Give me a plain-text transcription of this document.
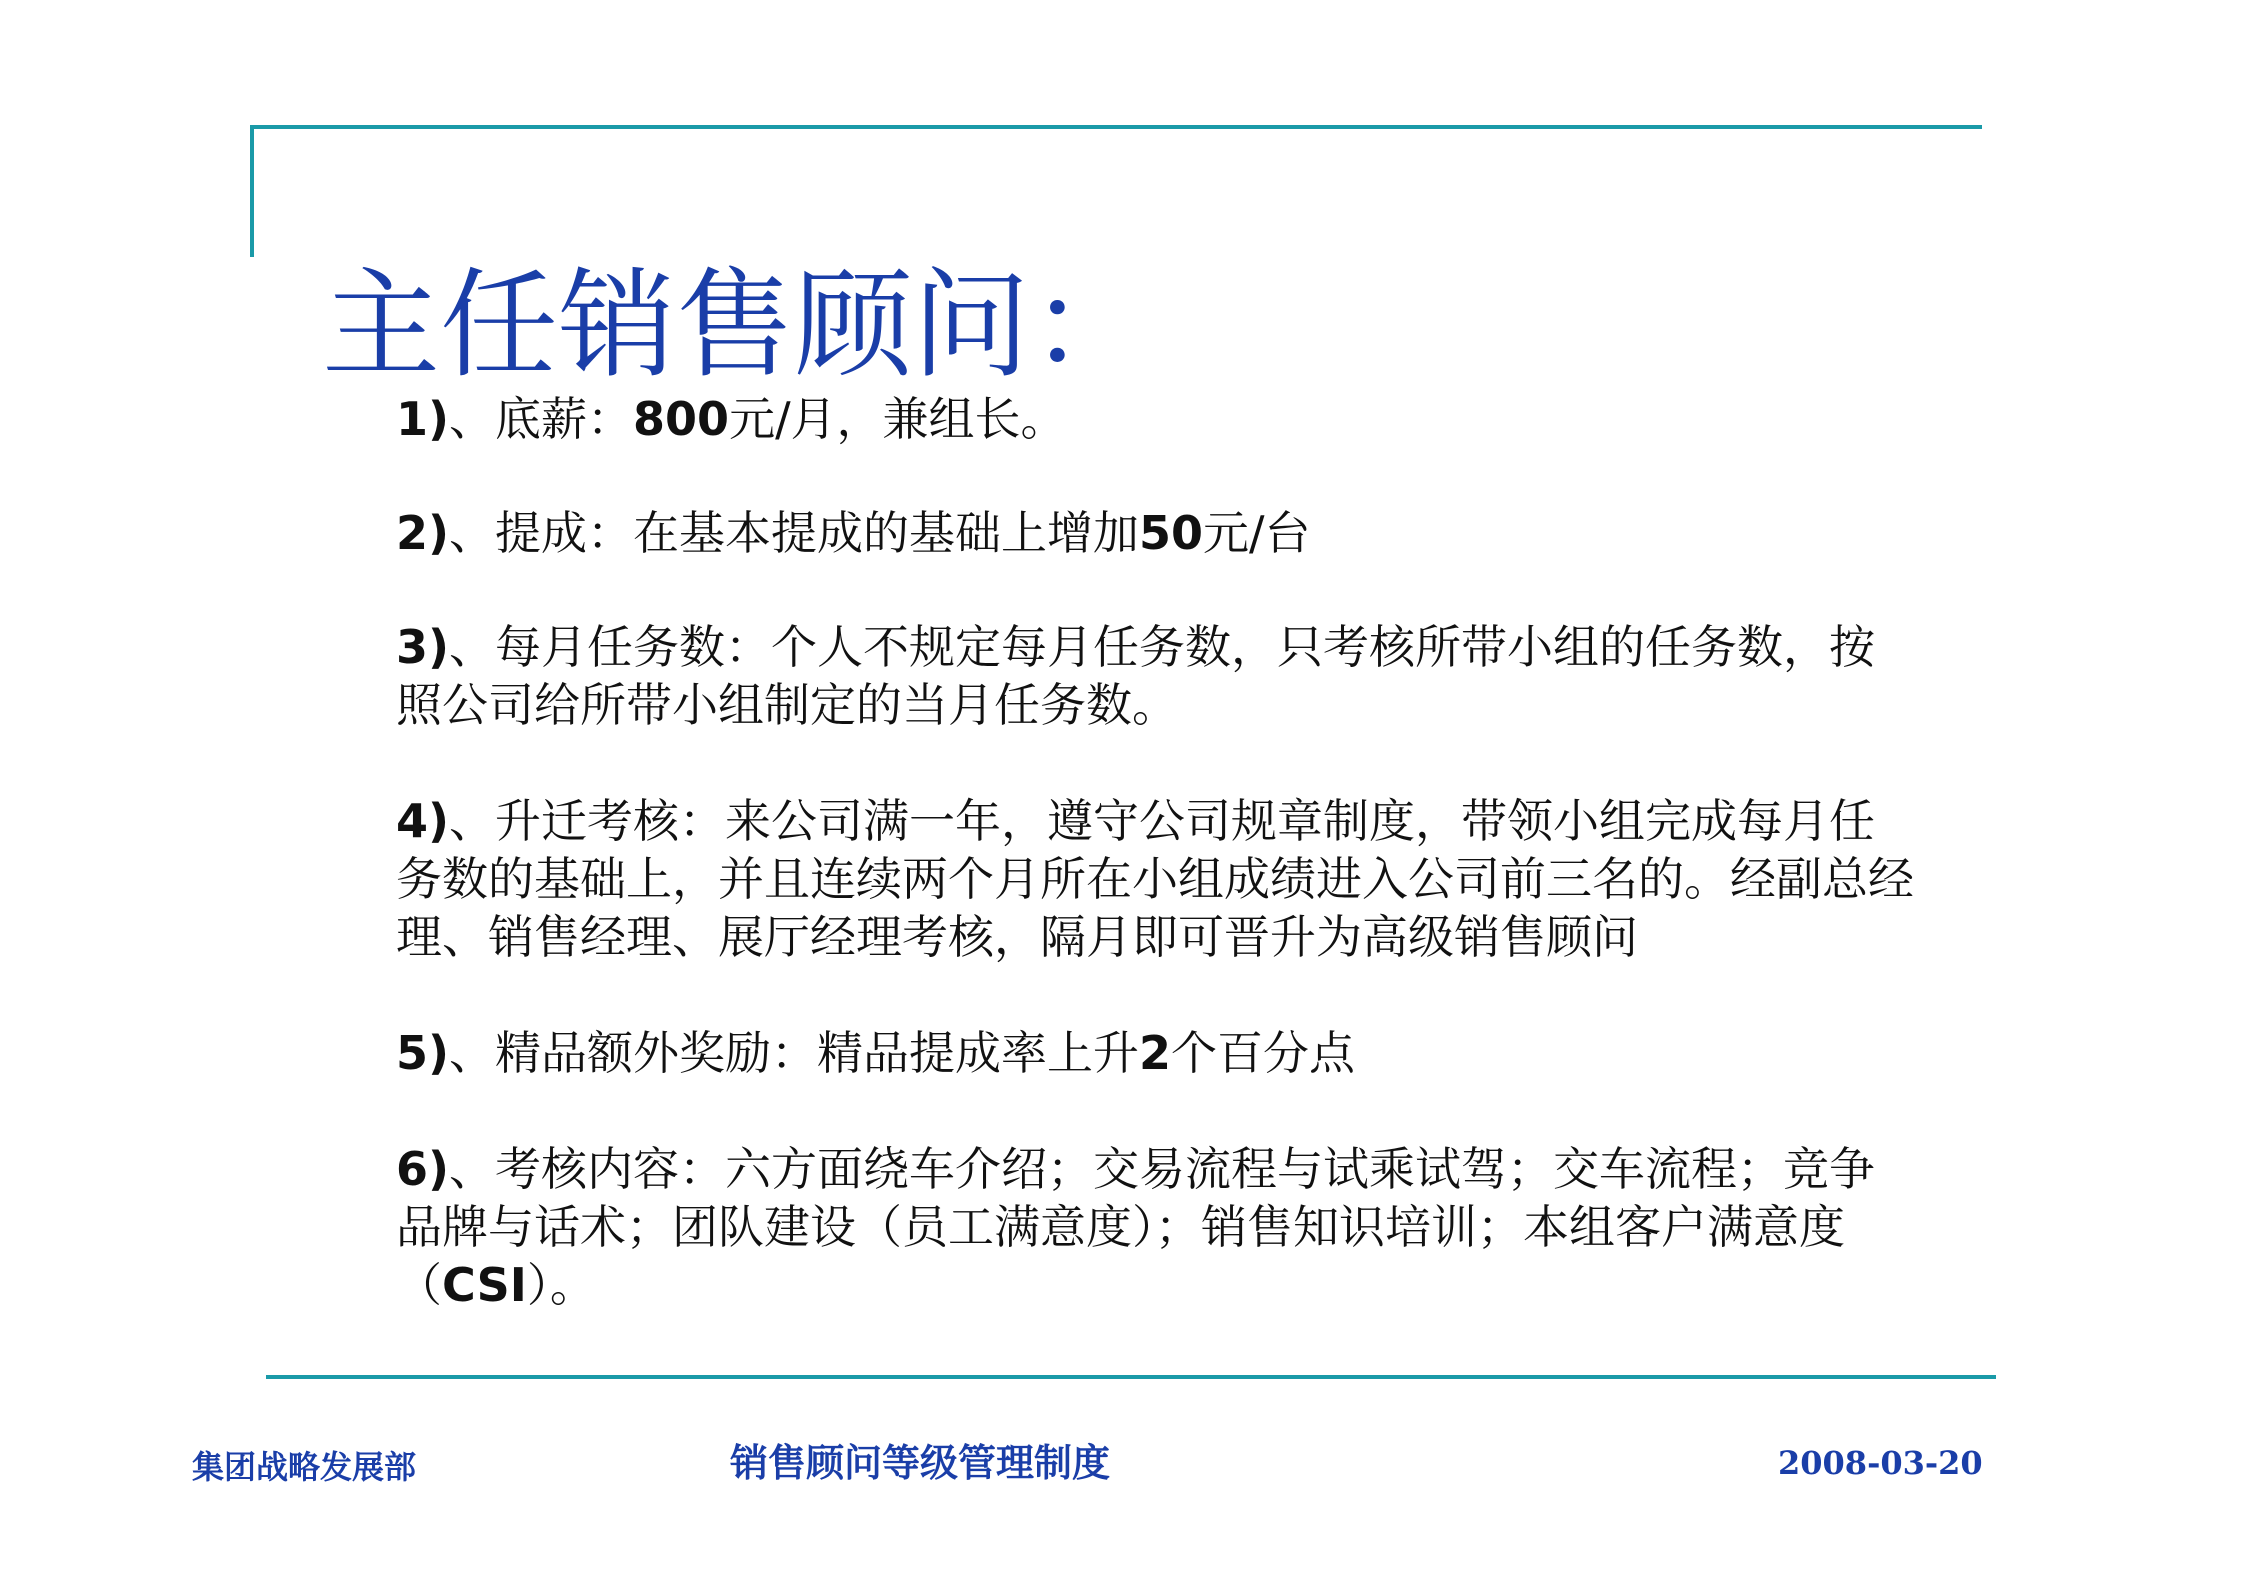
主任销售顾问：

1)、底薪：800元/月，兼组长。

2)、提成：在基本提成的基础上增加50元/台

3)、每月任务数：个人不规定每月任务数，只考核所带小组的任务数，按照公司给所带小组制定的当月任务数。

4)、升迁考核：来公司满一年，遵守公司规章制度，带领小组完成每月任务数的基础上，并且连续两个月所在小组成绩进入公司前三名的。经副总经理、销售经理、展厅经理考核，隔月即可晋升为高级销售顾问

5)、精品额外奖励：精品提成率上升2个百分点

6)、考核内容：六方面绕车介绍；交易流程与试乘试驾；交车流程；竞争品牌与话术；团队建设（员工满意度）；销售知识培训；本组客户满意度（CSI）。

集团战略发展部	销售顾问等级管理制度	2008-03-20
